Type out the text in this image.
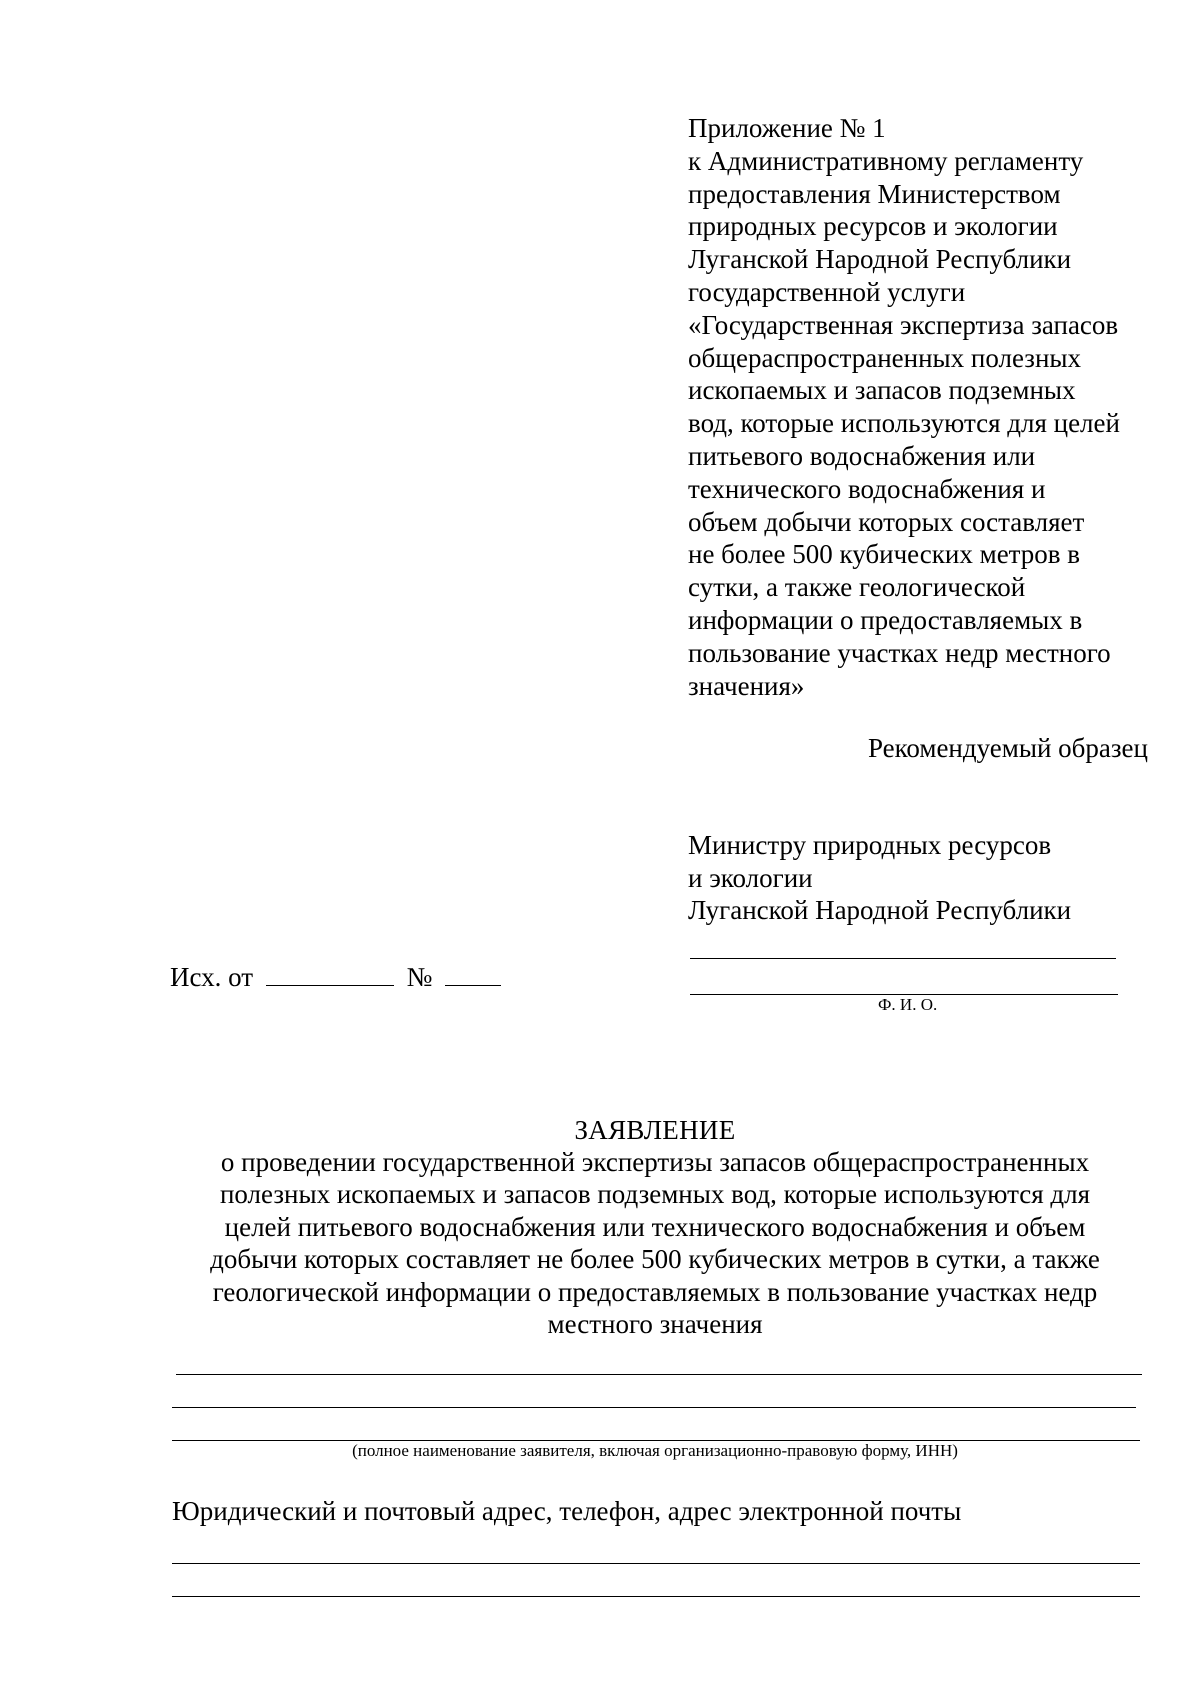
Приложение № 1
к Административному регламенту
предоставления Министерством
природных ресурсов и экологии
Луганской Народной Республики
государственной услуги
«Государственная экспертиза запасов
общераспространенных полезных
ископаемых и запасов подземных
вод, которые используются для целей
питьевого водоснабжения или
технического водоснабжения и
объем добычи которых составляет
не более 500 кубических метров в
сутки, а также геологической
информации о предоставляемых в
пользование участках недр местного
значения»
Рекомендуемый образец
Министру природных ресурсов
и экологии
Луганской Народной Республики
Ф. И. О.
Исх. от	№
ЗАЯВЛЕНИЕ
о проведении государственной экспертизы запасов общераспространенных
полезных ископаемых и запасов подземных вод, которые используются для
целей питьевого водоснабжения или технического водоснабжения и объем
добычи которых составляет не более 500 кубических метров в сутки, а также
геологической информации о предоставляемых в пользование участках недр
местного значения
(полное наименование заявителя, включая организационно-правовую форму, ИНН)
Юридический и почтовый адрес, телефон, адрес электронной почты
